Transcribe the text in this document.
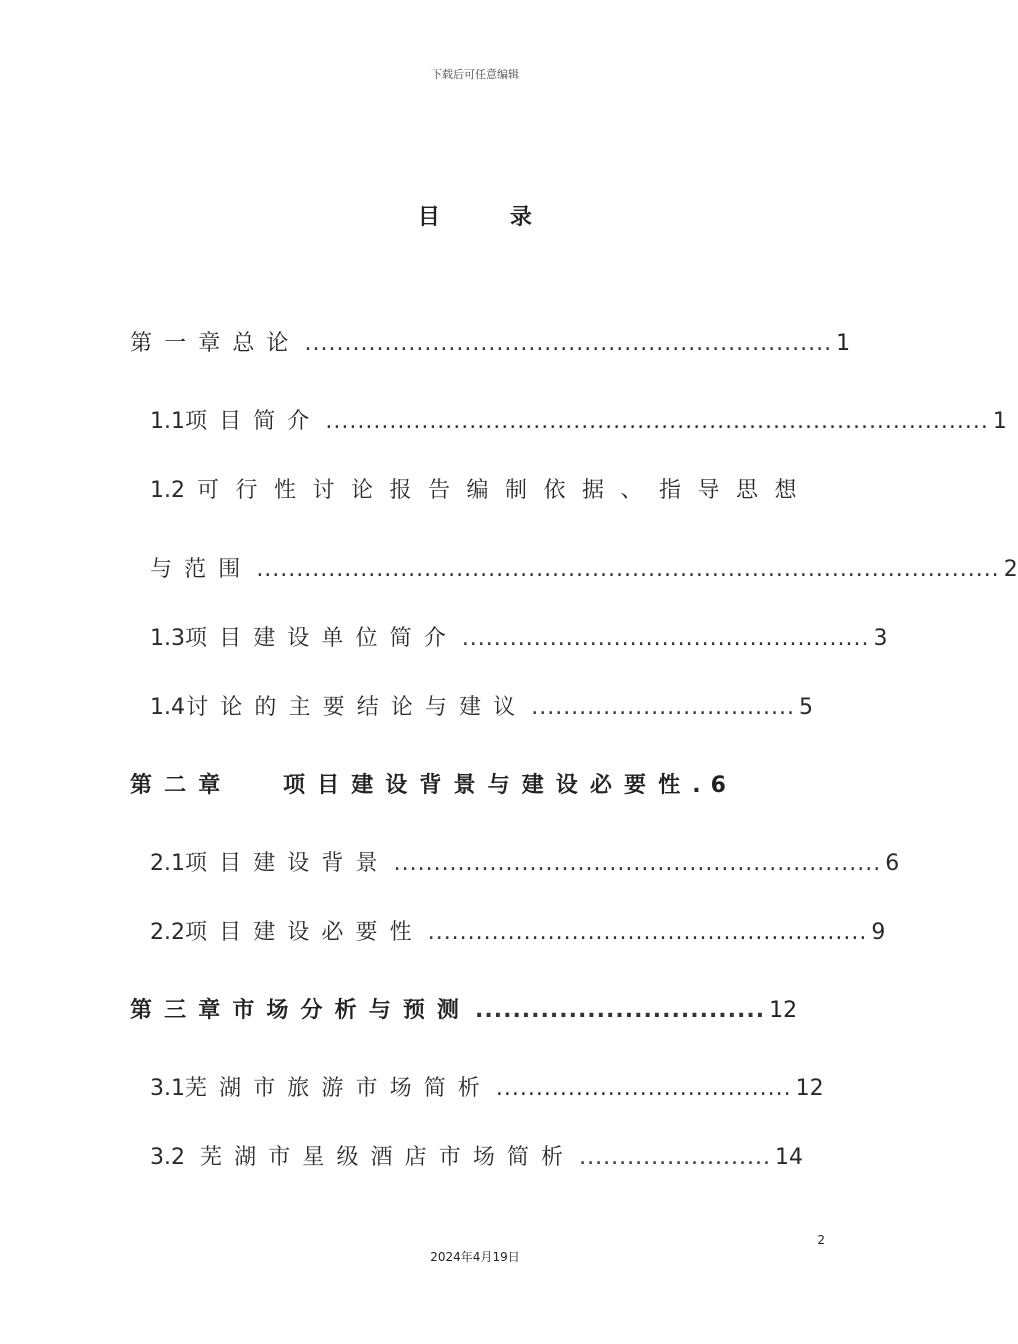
下载后可任意编辑
目 录
第一章 总论 .................................................................. 1
1.1 项目简介 ................................................................................... 1
1.2 可行性讨论报告编制依据、指导思想
与范围 ............................................................................................. 2
1.3 项目建设单位简介 ................................................... 3
1.4 讨论的主要结论与建议 ................................. 5
第二章	项目建设背景与建设必要性 . 6
2.1 项目建设背景 ............................................................. 6
2.2 项目建设必要性 ....................................................... 9
第三章 市场分析与预测 ............................... 12
3.1 芜湖市旅游市场简析 ..................................... 12
3.2 芜湖市星级酒店市场简析 ........................ 14
2
2024年4月19日
